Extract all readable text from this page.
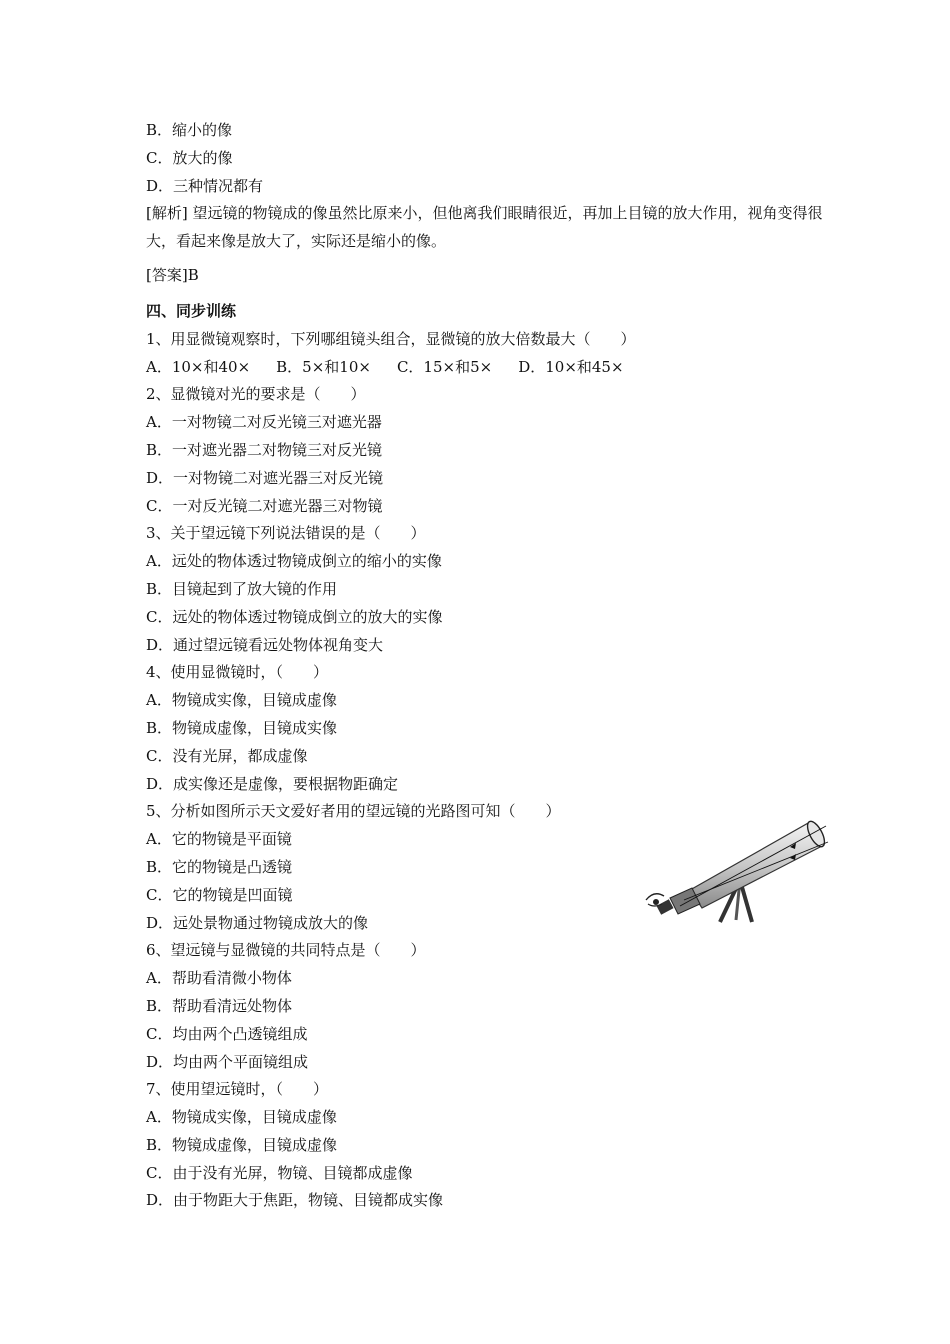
B．缩小的像
C．放大的像
D．三种情况都有
[解析] 望远镜的物镜成的像虽然比原来小，但他离我们眼睛很近，再加上目镜的放大作用，视角变得很大，看起来像是放大了，实际还是缩小的像。
[答案]B
四、同步训练
1、用显微镜观察时，下列哪组镜头组合，显微镜的放大倍数最大（　　）
A．10×和40× B．5×和10× C．15×和5× D．10×和45×
2、显微镜对光的要求是（　　）
A．一对物镜二对反光镜三对遮光器
B．一对遮光器二对物镜三对反光镜
D．一对物镜二对遮光器三对反光镜
C．一对反光镜二对遮光器三对物镜
3、关于望远镜下列说法错误的是（　　）
A．远处的物体透过物镜成倒立的缩小的实像
B．目镜起到了放大镜的作用
C．远处的物体透过物镜成倒立的放大的实像
D．通过望远镜看远处物体视角变大
4、使用显微镜时，（　　）
A．物镜成实像，目镜成虚像
B．物镜成虚像，目镜成实像
C．没有光屏，都成虚像
D．成实像还是虚像，要根据物距确定
5、分析如图所示天文爱好者用的望远镜的光路图可知（　　）
A．它的物镜是平面镜
B．它的物镜是凸透镜
C．它的物镜是凹面镜
D．远处景物通过物镜成放大的像
6、望远镜与显微镜的共同特点是（　　）
A．帮助看清微小物体
B．帮助看清远处物体
C．均由两个凸透镜组成
D．均由两个平面镜组成
7、使用望远镜时，（　　）
A．物镜成实像，目镜成虚像
B．物镜成虚像，目镜成虚像
C．由于没有光屏，物镜、目镜都成虚像
D．由于物距大于焦距，物镜、目镜都成实像
